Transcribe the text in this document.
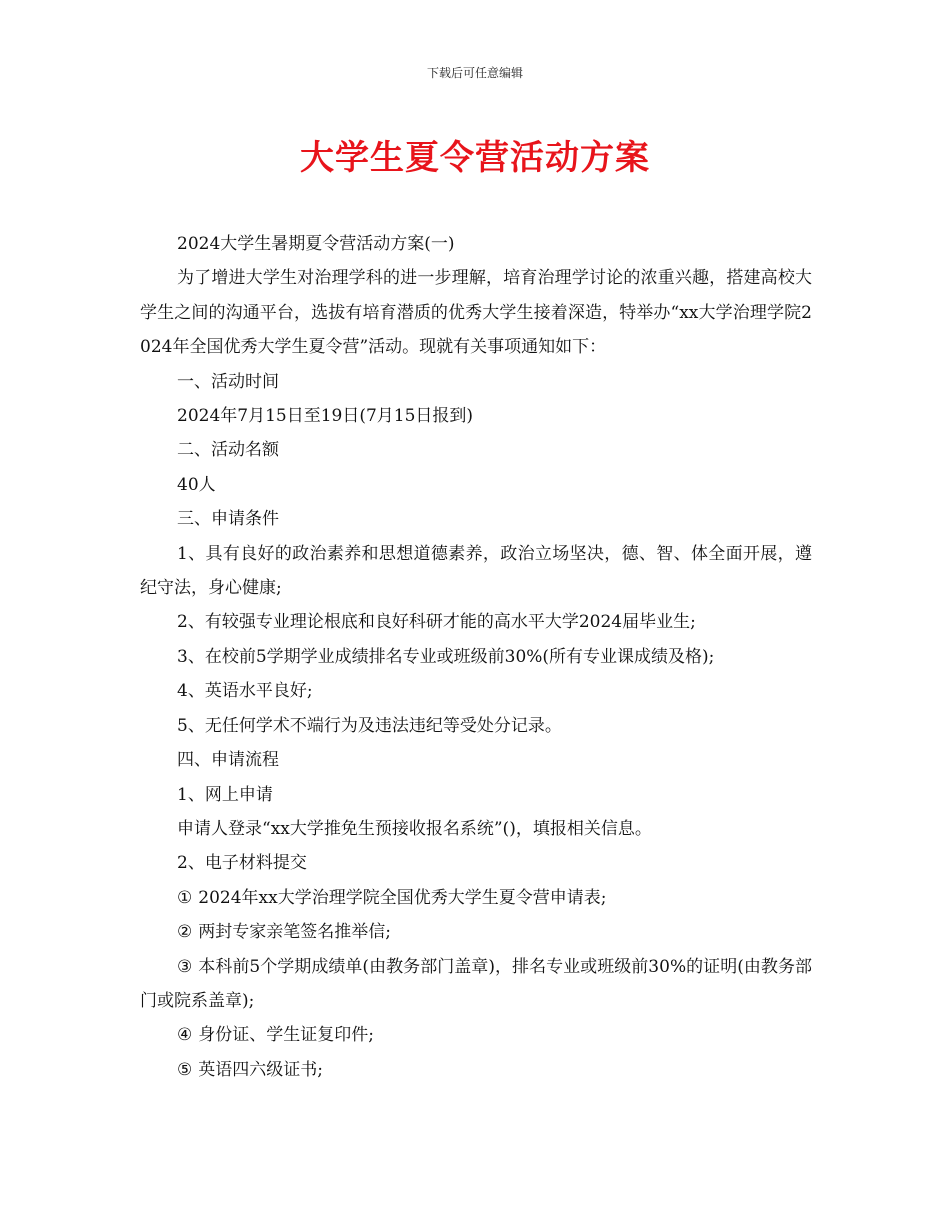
下载后可任意编辑
大学生夏令营活动方案

2024大学生暑期夏令营活动方案(一)

为了增进大学生对治理学科的进一步理解，培育治理学讨论的浓重兴趣，搭建高校大学生之间的沟通平台，选拔有培育潜质的优秀大学生接着深造，特举办“xx大学治理学院2024年全国优秀大学生夏令营”活动。现就有关事项通知如下：

一、活动时间

2024年7月15日至19日(7月15日报到)

二、活动名额

40人

三、申请条件

1、具有良好的政治素养和思想道德素养，政治立场坚决，德、智、体全面开展，遵纪守法，身心健康;

2、有较强专业理论根底和良好科研才能的高水平大学2024届毕业生;

3、在校前5学期学业成绩排名专业或班级前30%(所有专业课成绩及格);

4、英语水平良好;

5、无任何学术不端行为及违法违纪等受处分记录。

四、申请流程

1、网上申请

申请人登录“xx大学推免生预接收报名系统”()，填报相关信息。

2、电子材料提交

① 2024年xx大学治理学院全国优秀大学生夏令营申请表;

② 两封专家亲笔签名推举信;

③ 本科前5个学期成绩单(由教务部门盖章)，排名专业或班级前30%的证明(由教务部门或院系盖章);

④ 身份证、学生证复印件;

⑤ 英语四六级证书;
